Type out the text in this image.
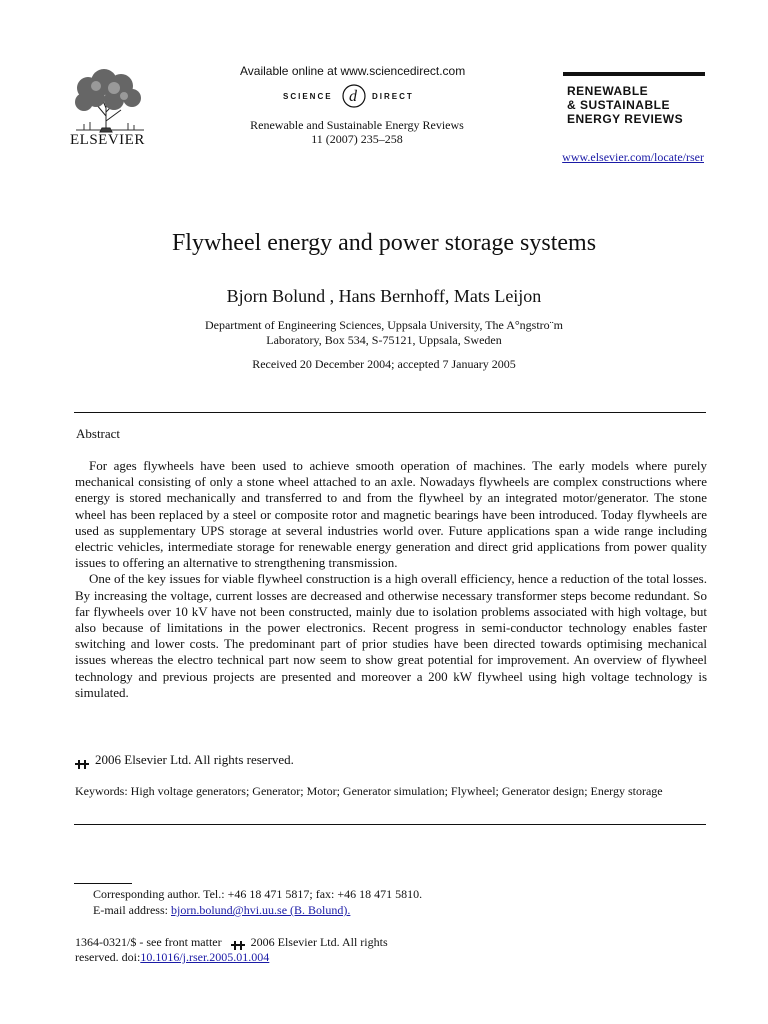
ELSEVIER
Available online at www.sciencedirect.com
SCIENCE d DIRECT
Renewable and Sustainable Energy Reviews
11 (2007) 235–258
RENEWABLE
& SUSTAINABLE
ENERGY REVIEWS
www.elsevier.com/locate/rser
Flywheel energy and power storage systems
Bjorn Bolund , Hans Bernhoff, Mats Leijon
Department of Engineering Sciences, Uppsala University, The A°ngstro¨m
Laboratory, Box 534, S-75121, Uppsala, Sweden
Received 20 December 2004; accepted 7 January 2005
Abstract

For ages flywheels have been used to achieve smooth operation of machines. The early models where purely mechanical consisting of only a stone wheel attached to an axle. Nowadays flywheels are complex constructions where energy is stored mechanically and transferred to and from the flywheel by an integrated motor/generator. The stone wheel has been replaced by a steel or composite rotor and magnetic bearings have been introduced. Today flywheels are used as supplementary UPS storage at several industries world over. Future applications span a wide range including electric vehicles, intermediate storage for renewable energy generation and direct grid applications from power quality issues to offering an alternative to strengthening transmission.

One of the key issues for viable flywheel construction is a high overall efficiency, hence a reduction of the total losses. By increasing the voltage, current losses are decreased and otherwise necessary transformer steps become redundant. So far flywheels over 10 kV have not been constructed, mainly due to isolation problems associated with high voltage, but also because of limitations in the power electronics. Recent progress in semi-conductor technology enables faster switching and lower costs. The predominant part of prior studies have been directed towards optimising mechanical issues whereas the electro technical part now seem to show great potential for improvement. An overview of flywheel technology and previous projects are presented and moreover a 200 kW flywheel using high voltage technology is simulated.

2006 Elsevier Ltd. All rights reserved.
Keywords: High voltage generators; Generator; Motor; Generator simulation; Flywheel; Generator design; Energy storage
Corresponding author. Tel.: +46 18 471 5817; fax: +46 18 471 5810.
E-mail address: bjorn.bolund@hvi.uu.se (B. Bolund).
1364-0321/$ - see front matter 2006 Elsevier Ltd. All rights
reserved. doi:10.1016/j.rser.2005.01.004
